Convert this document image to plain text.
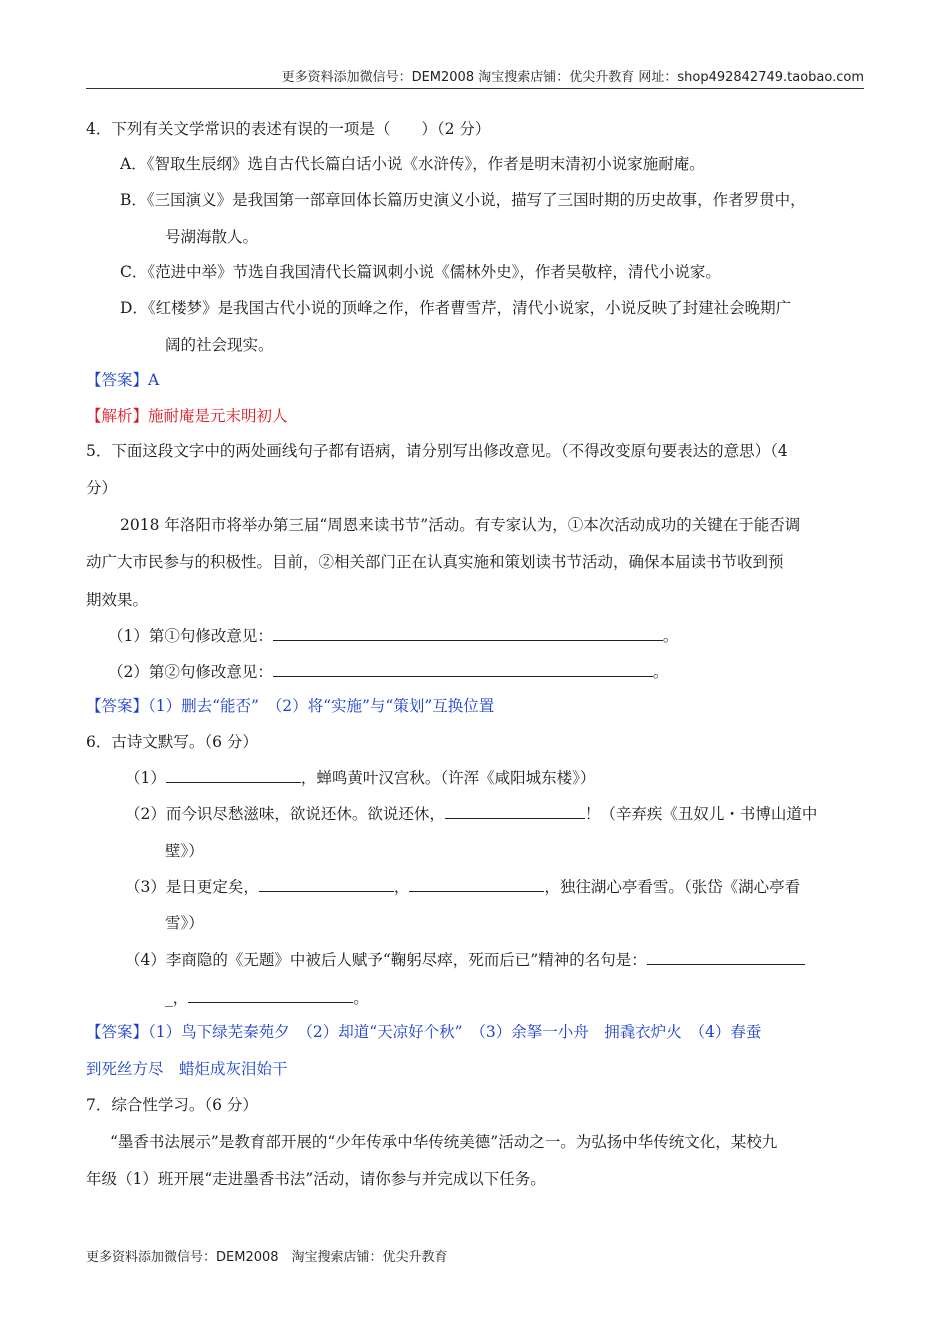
更多资料添加微信号：DEM2008 淘宝搜索店铺：优尖升教育 网址：shop492842749.taobao.com
4．下列有关文学常识的表述有误的一项是（　　）（2 分）
A．《智取生辰纲》选自古代长篇白话小说《水浒传》，作者是明末清初小说家施耐庵。
B．《三国演义》是我国第一部章回体长篇历史演义小说，描写了三国时期的历史故事，作者罗贯中，
号湖海散人。
C．《范进中举》节选自我国清代长篇讽刺小说《儒林外史》，作者吴敬梓，清代小说家。
D．《红楼梦》是我国古代小说的顶峰之作，作者曹雪芹，清代小说家，小说反映了封建社会晚期广
阔的社会现实。
【答案】A
【解析】施耐庵是元末明初人
5．下面这段文字中的两处画线句子都有语病，请分别写出修改意见。（不得改变原句要表达的意思）（4
分）
2018 年洛阳市将举办第三届“周恩来读书节”活动。有专家认为，①本次活动成功的关键在于能否调
动广大市民参与的积极性。目前，②相关部门正在认真实施和策划读书节活动，确保本届读书节收到预
期效果。
（1）第①句修改意见：	。
（2）第②句修改意见：	。
【答案】（1）删去“能否”　（2）将“实施”与“策划”互换位置
6．古诗文默写。（6 分）
（1）	，蝉鸣黄叶汉宫秋。（许浑《咸阳城东楼》）
（2）而今识尽愁滋味，欲说还休。欲说还休，	！（辛弃疾《丑奴儿・书博山道中
壁》）
（3）是日更定矣，	，	，独往湖心亭看雪。（张岱《湖心亭看
雪》）
（4）李商隐的《无题》中被后人赋予“鞠躬尽瘁，死而后已”精神的名句是：
_，	。
【答案】（1）鸟下绿芜秦苑夕　（2）却道“天凉好个秋”　（3）余拏一小舟　拥毳衣炉火　（4）春蚕
到死丝方尽　蜡炬成灰泪始干
7．综合性学习。（6 分）
“墨香书法展示”是教育部开展的“少年传承中华传统美德”活动之一。为弘扬中华传统文化，某校九
年级（1）班开展“走进墨香书法”活动，请你参与并完成以下任务。
更多资料添加微信号：DEM2008　淘宝搜索店铺：优尖升教育
